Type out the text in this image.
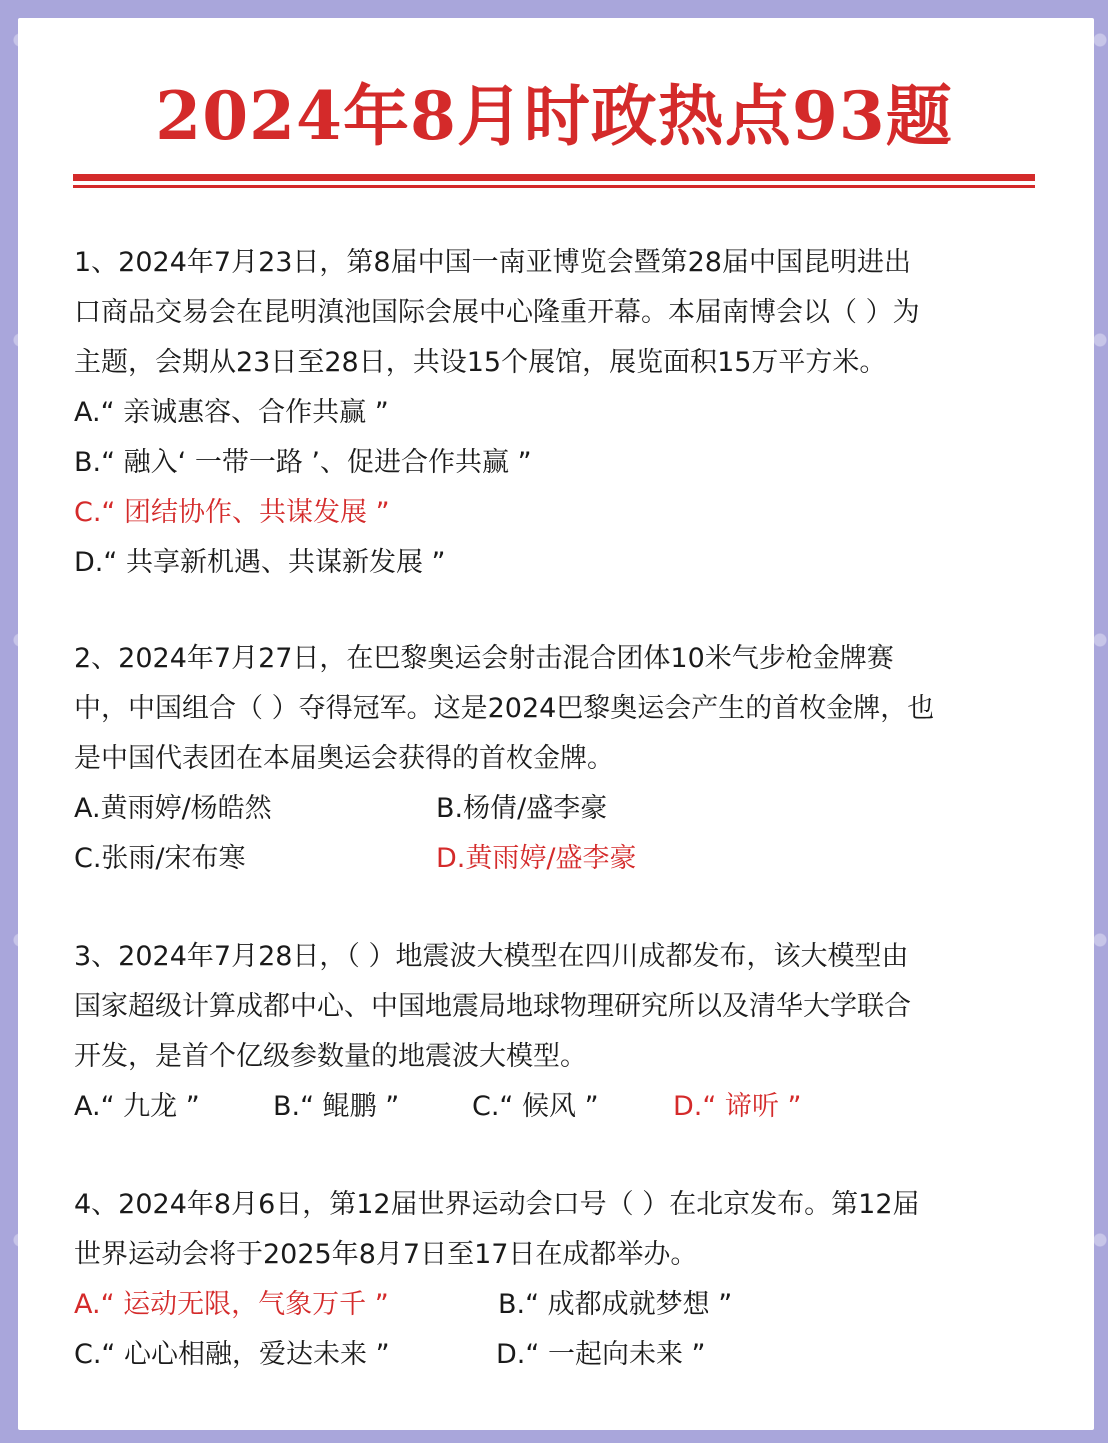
2024年8月时政热点93题
1、2024年7月23日，第8届中国一南亚博览会暨第28届中国昆明进出
口商品交易会在昆明滇池国际会展中心隆重开幕。本届南博会以（ ）为
主题，会期从23日至28日，共设15个展馆，展览面积15万平方米。
A.“ 亲诚惠容、合作共赢 ”
B.“ 融入‘ 一带一路 ’、促进合作共赢 ”
C.“ 团结协作、共谋发展 ”
D.“ 共享新机遇、共谋新发展 ”
2、2024年7月27日，在巴黎奥运会射击混合团体10米气步枪金牌赛
中，中国组合（ ）夺得冠军。这是2024巴黎奥运会产生的首枚金牌，也
是中国代表团在本届奥运会获得的首枚金牌。
A.黄雨婷/杨皓然	B.杨倩/盛李豪
C.张雨/宋布寒	D.黄雨婷/盛李豪
3、2024年7月28日，（ ）地震波大模型在四川成都发布，该大模型由
国家超级计算成都中心、中国地震局地球物理研究所以及清华大学联合
开发，是首个亿级参数量的地震波大模型。
A.“ 九龙 ”	B.“ 鲲鹏 ”	C.“ 候风 ”	D.“ 谛听 ”
4、2024年8月6日，第12届世界运动会口号（ ）在北京发布。第12届
世界运动会将于2025年8月7日至17日在成都举办。
A.“ 运动无限，气象万千 ”	B.“ 成都成就梦想 ”
C.“ 心心相融，爱达未来 ”	D.“ 一起向未来 ”
